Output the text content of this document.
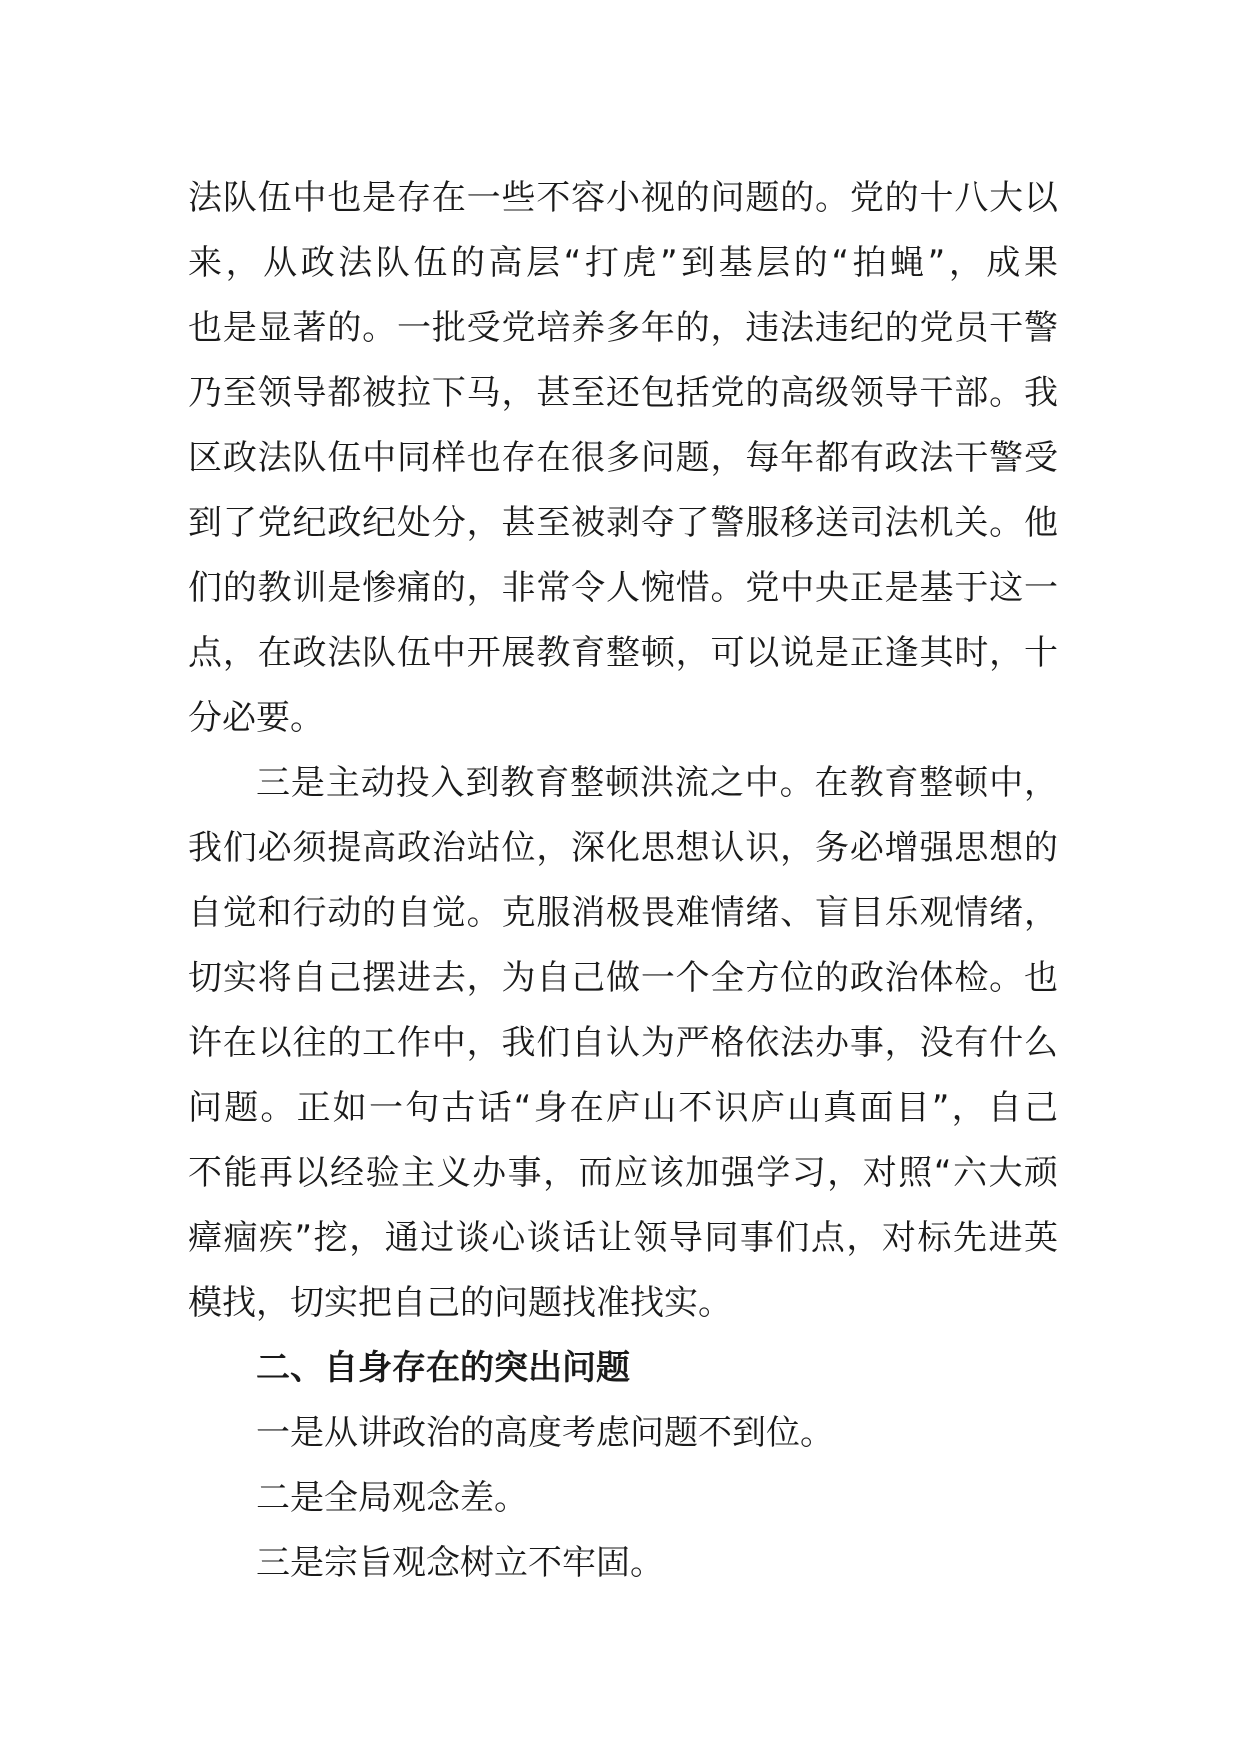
法队伍中也是存在一些不容小视的问题的。党的十八大以
来，从政法队伍的高层“打虎”到基层的“拍蝇”，成果
也是显著的。一批受党培养多年的，违法违纪的党员干警
乃至领导都被拉下马，甚至还包括党的高级领导干部。我
区政法队伍中同样也存在很多问题，每年都有政法干警受
到了党纪政纪处分，甚至被剥夺了警服移送司法机关。他
们的教训是惨痛的，非常令人惋惜。党中央正是基于这一
点，在政法队伍中开展教育整顿，可以说是正逢其时，十
分必要。
三是主动投入到教育整顿洪流之中。在教育整顿中，
我们必须提高政治站位，深化思想认识，务必增强思想的
自觉和行动的自觉。克服消极畏难情绪、盲目乐观情绪，
切实将自己摆进去，为自己做一个全方位的政治体检。也
许在以往的工作中，我们自认为严格依法办事，没有什么
问题。正如一句古话“身在庐山不识庐山真面目”，自己
不能再以经验主义办事，而应该加强学习，对照“六大顽
瘴痼疾”挖，通过谈心谈话让领导同事们点，对标先进英
模找，切实把自己的问题找准找实。
二、自身存在的突出问题
一是从讲政治的高度考虑问题不到位。
二是全局观念差。
三是宗旨观念树立不牢固。
